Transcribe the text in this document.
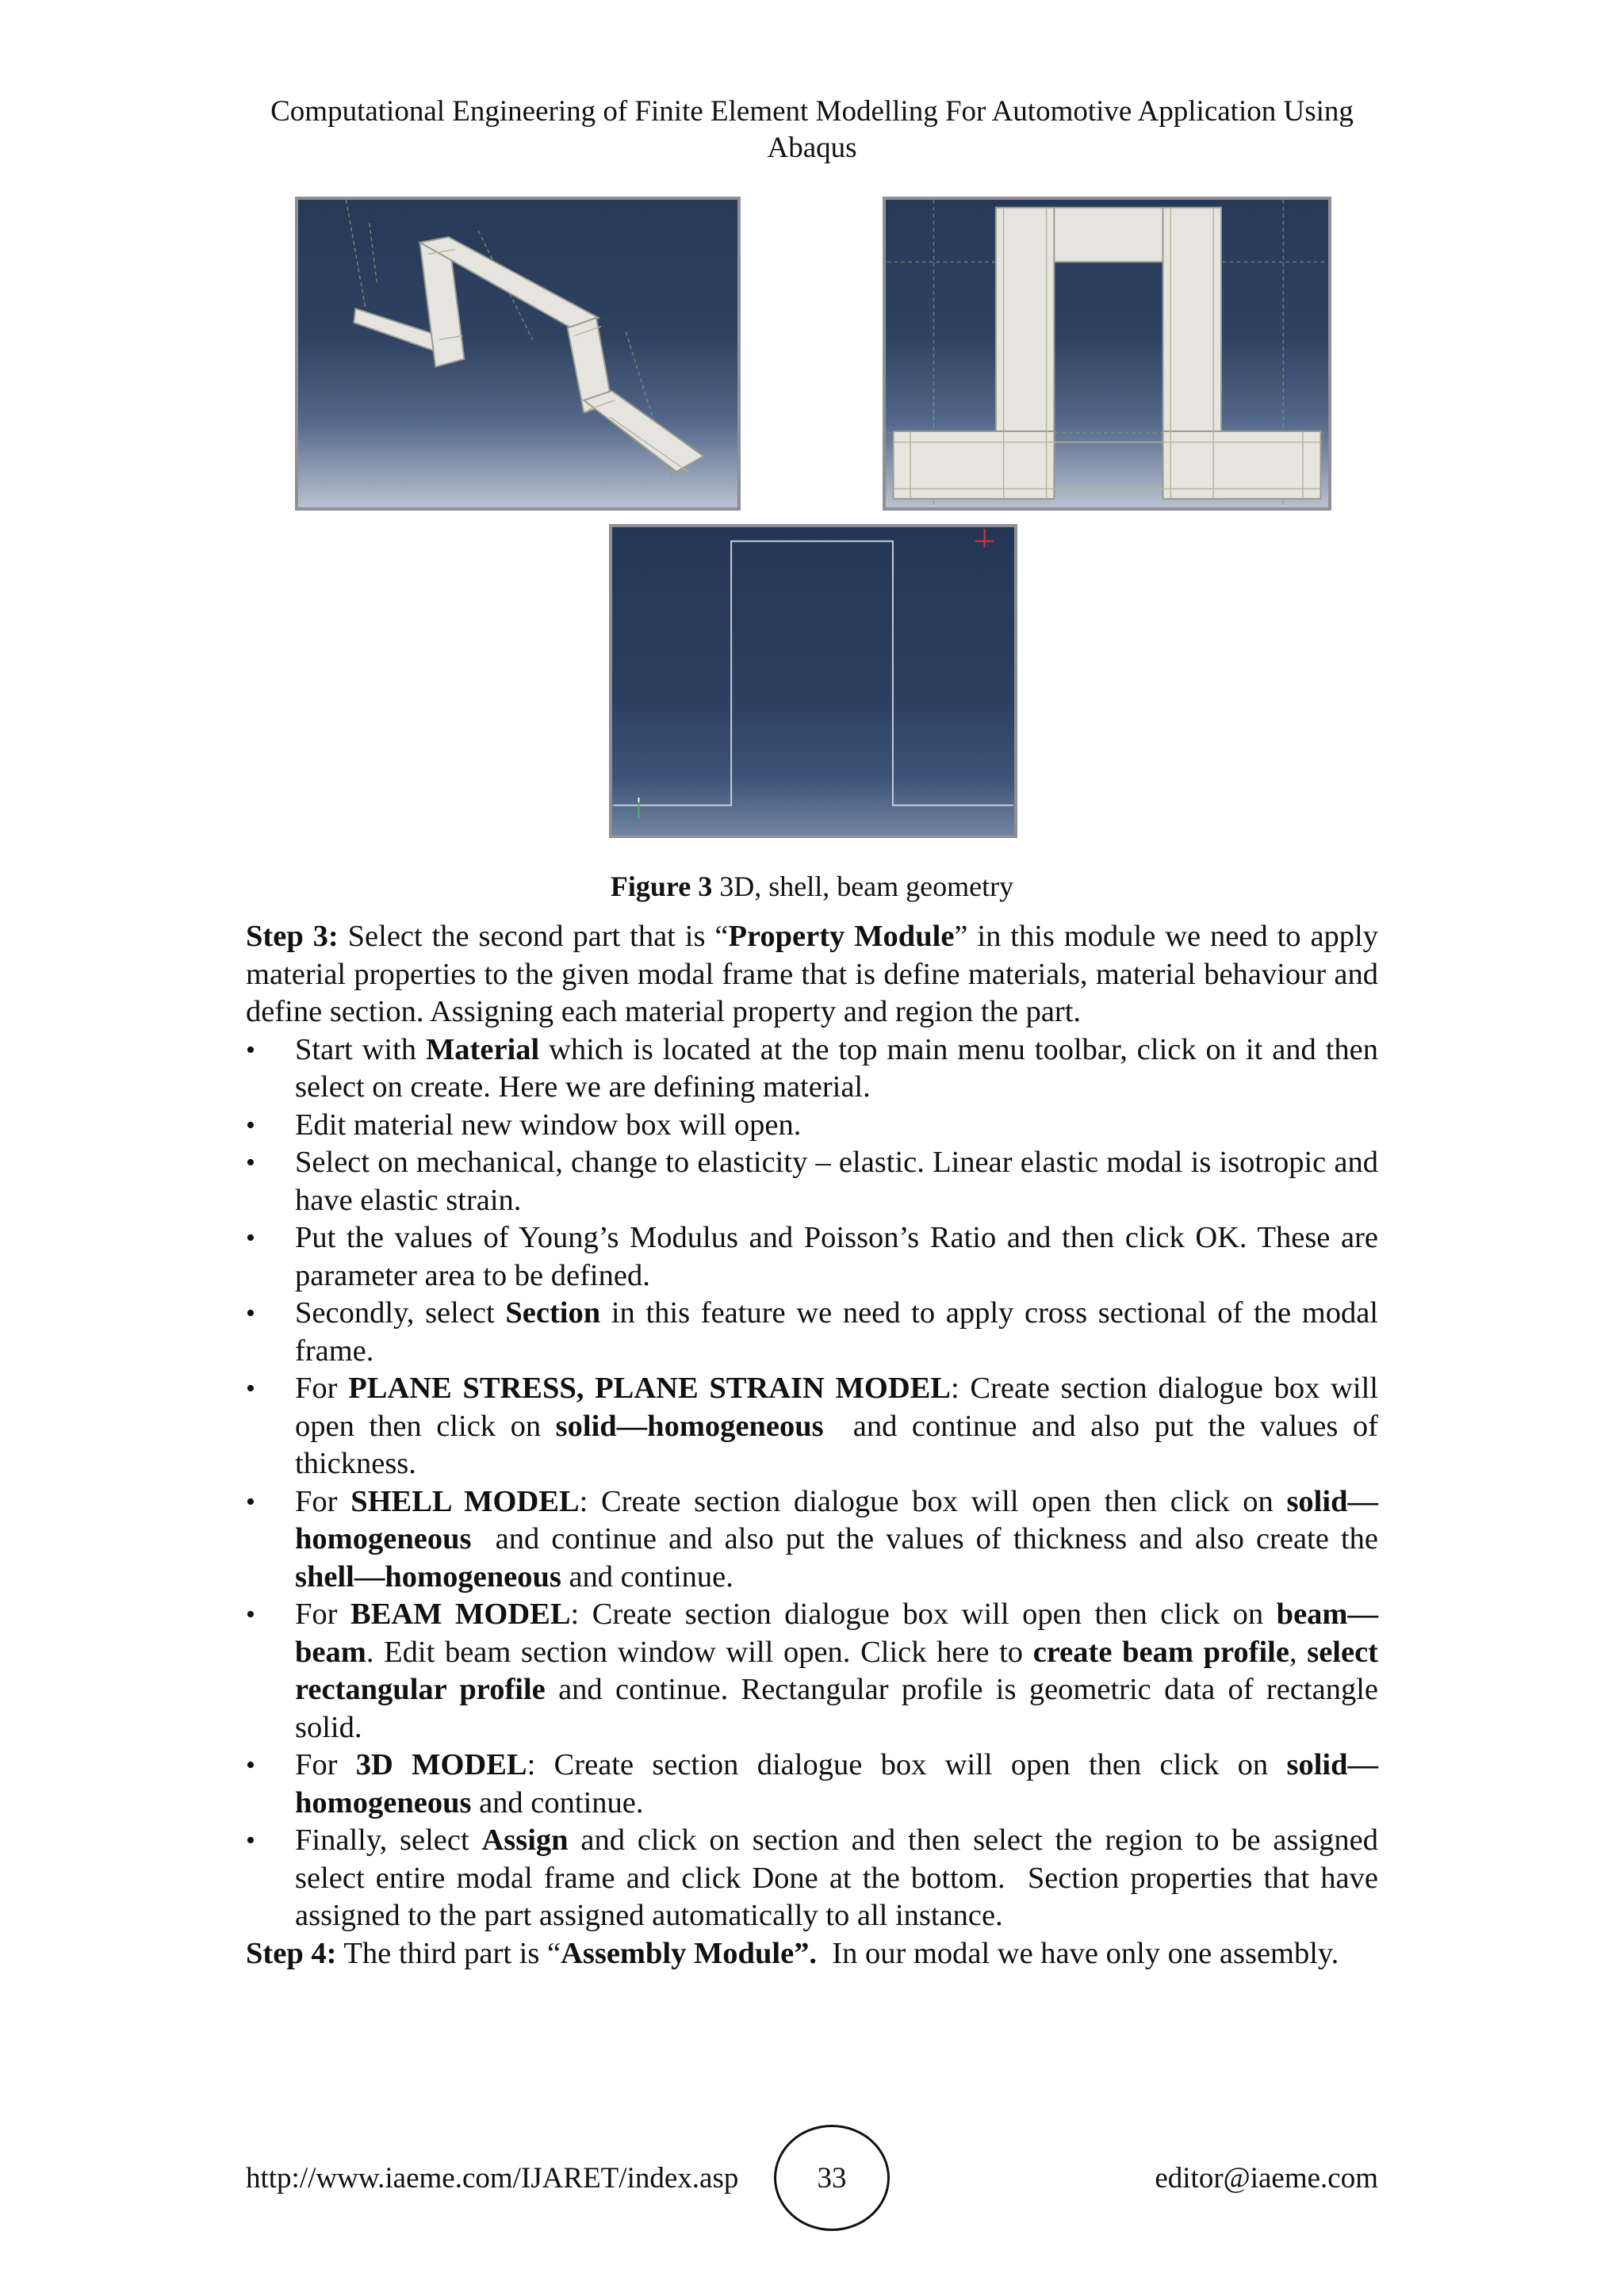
Computational Engineering of Finite Element Modelling For Automotive Application Using
Abaqus
Figure 3 3D, shell, beam geometry

Step 3: Select the second part that is “Property Module” in this module we need to apply material properties to the given modal frame that is define materials, material behaviour and define section. Assigning each material property and region the part.

• Start with Material which is located at the top main menu toolbar, click on it and then select on create. Here we are defining material.
• Edit material new window box will open.
• Select on mechanical, change to elasticity – elastic. Linear elastic modal is isotropic and have elastic strain.
• Put the values of Young’s Modulus and Poisson’s Ratio and then click OK. These are parameter area to be defined.
• Secondly, select Section in this feature we need to apply cross sectional of the modal frame.
• For PLANE STRESS, PLANE STRAIN MODEL: Create section dialogue box will open then click on solid—homogeneous  and continue and also put the values of thickness.
• For SHELL MODEL: Create section dialogue box will open then click on solid—homogeneous  and continue and also put the values of thickness and also create the shell—homogeneous and continue.
• For BEAM MODEL: Create section dialogue box will open then click on beam—beam. Edit beam section window will open. Click here to create beam profile, select rectangular profile and continue. Rectangular profile is geometric data of rectangle solid.
• For 3D MODEL: Create section dialogue box will open then click on solid—homogeneous and continue.
• Finally, select Assign and click on section and then select the region to be assigned select entire modal frame and click Done at the bottom.  Section properties that have assigned to the part assigned automatically to all instance.

Step 4: The third part is “Assembly Module”.  In our modal we have only one assembly.

http://www.iaeme.com/IJARET/index.asp	33	editor@iaeme.com
